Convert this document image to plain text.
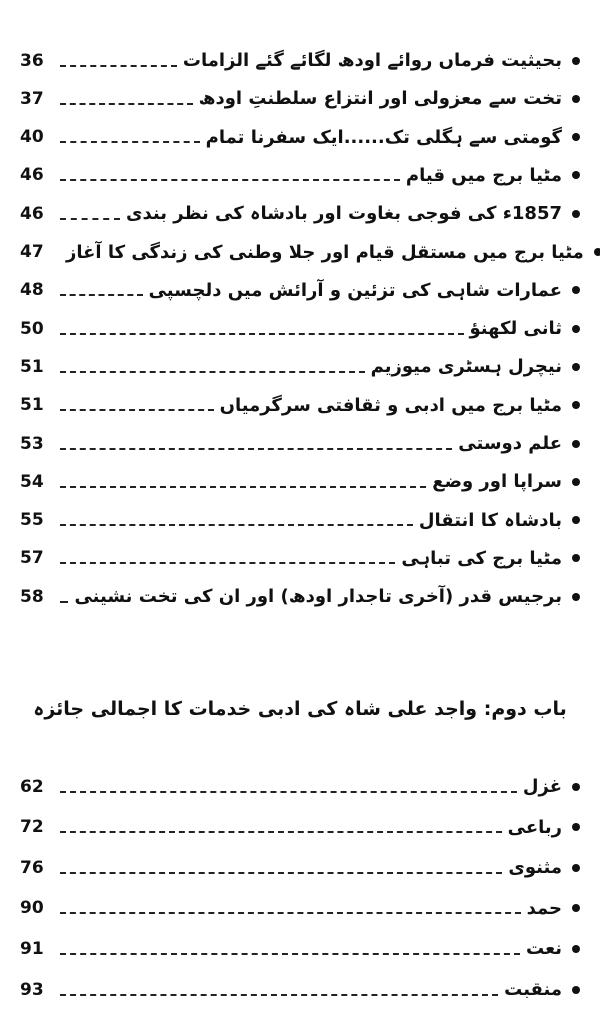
36	بحیثیت فرماں روائے اودھ لگائے گئے الزامات
37	تخت سے معزولی اور انتزاع سلطنتِ اودھ
40	گومتی سے ہگلی تک......ایک سفرنا تمام
46	مٹیا برج میں قیام
46	1857ء کی فوجی بغاوت اور بادشاہ کی نظر بندی
47	مٹیا برج میں مستقل قیام اور جلا وطنی کی زندگی کا آغاز
48	عمارات شاہی کی تزئین و آرائش میں دلچسپی
50	ثانی لکھنؤ
51	نیچرل ہسٹری میوزیم
51	مٹیا برج میں ادبی و ثقافتی سرگرمیاں
53	علم دوستی
54	سراپا اور وضع
55	بادشاہ کا انتقال
57	مٹیا برج کی تباہی
58	برجیس قدر (آخری تاجدار اودھ) اور ان کی تخت نشینی
باب دوم: واجد علی شاہ کی ادبی خدمات کا اجمالی جائزہ
62	غزل
72	رباعی
76	مثنوی
90	حمد
91	نعت
93	منقبت
